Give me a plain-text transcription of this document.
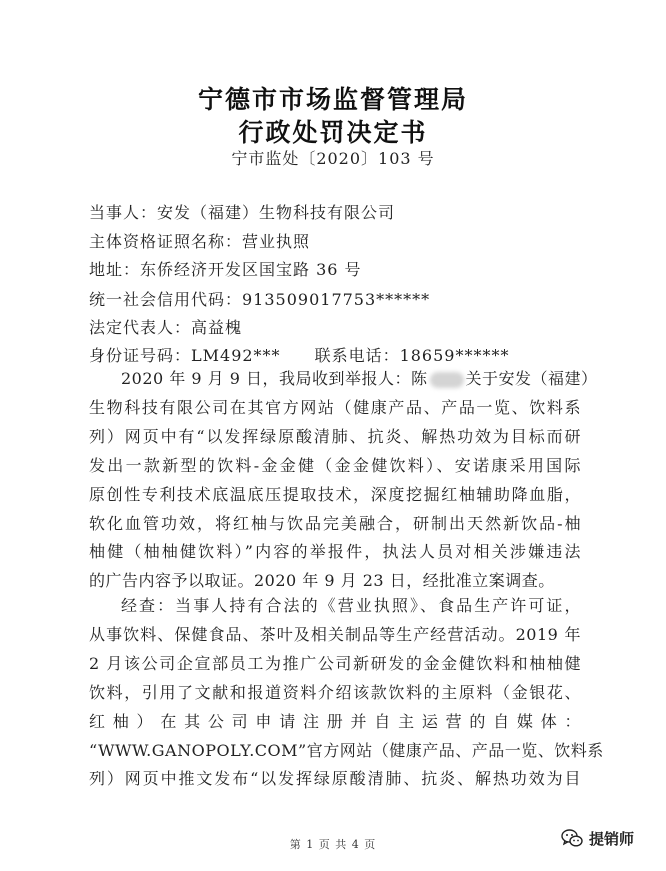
宁德市市场监督管理局
行政处罚决定书
宁市监处〔2020〕103 号
当事人：安发（福建）生物科技有限公司
主体资格证照名称：营业执照
地址：东侨经济开发区国宝路 36 号
统一社会信用代码：913509017753******
法定代表人：高益槐
身份证号码：LM492*** 联系电话：18659******
2020 年 9 月 9 日，我局收到举报人：陈 关于安发（福建）
生物科技有限公司在其官方网站（健康产品、产品一览、饮料系
列）网页中有“以发挥绿原酸清肺、抗炎、解热功效为目标而研
发出一款新型的饮料-金金健（金金健饮料）、安诺康采用国际
原创性专利技术底温底压提取技术，深度挖掘红柚辅助降血脂，
软化血管功效，将红柚与饮品完美融合，研制出天然新饮品-柚
柚健（柚柚健饮料）”内容的举报件，执法人员对相关涉嫌违法
的广告内容予以取证。2020 年 9 月 23 日，经批准立案调查。
经查：当事人持有合法的《营业执照》、食品生产许可证，
从事饮料、保健食品、茶叶及相关制品等生产经营活动。2019 年
2 月该公司企宣部员工为推广公司新研发的金金健饮料和柚柚健
饮料，引用了文献和报道资料介绍该款饮料的主原料（金银花、
红柚）在其公司申请注册并自主运营的自媒体：
“WWW.GANOPOLY.COM”官方网站（健康产品、产品一览、饮料系
列）网页中推文发布“以发挥绿原酸清肺、抗炎、解热功效为目
第 1 页 共 4 页	提销师
